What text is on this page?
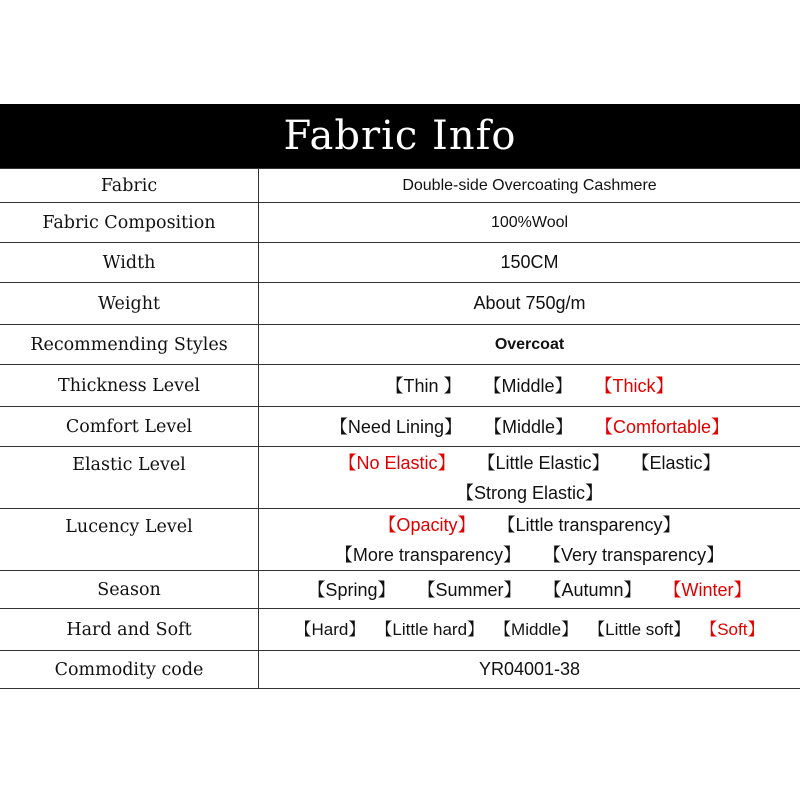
Fabric Info
Fabric	Double-side Overcoating Cashmere
Fabric Composition	100%Wool
Width	150CM
Weight	About 750g/m
Recommending Styles	Overcoat
Thickness Level	【Thin 】 【Middle】 【Thick】
Comfort Level	【Need Lining】 【Middle】 【Comfortable】
Elastic Level	【No Elastic】 【Little Elastic】 【Elastic】
【Strong Elastic】
Lucency Level	【Opacity】 【Little transparency】
【More transparency】 【Very transparency】
Season	【Spring】 【Summer】 【Autumn】 【Winter】
Hard and Soft	【Hard】 【Little hard】 【Middle】 【Little soft】 【Soft】
Commodity code	YR04001-38
